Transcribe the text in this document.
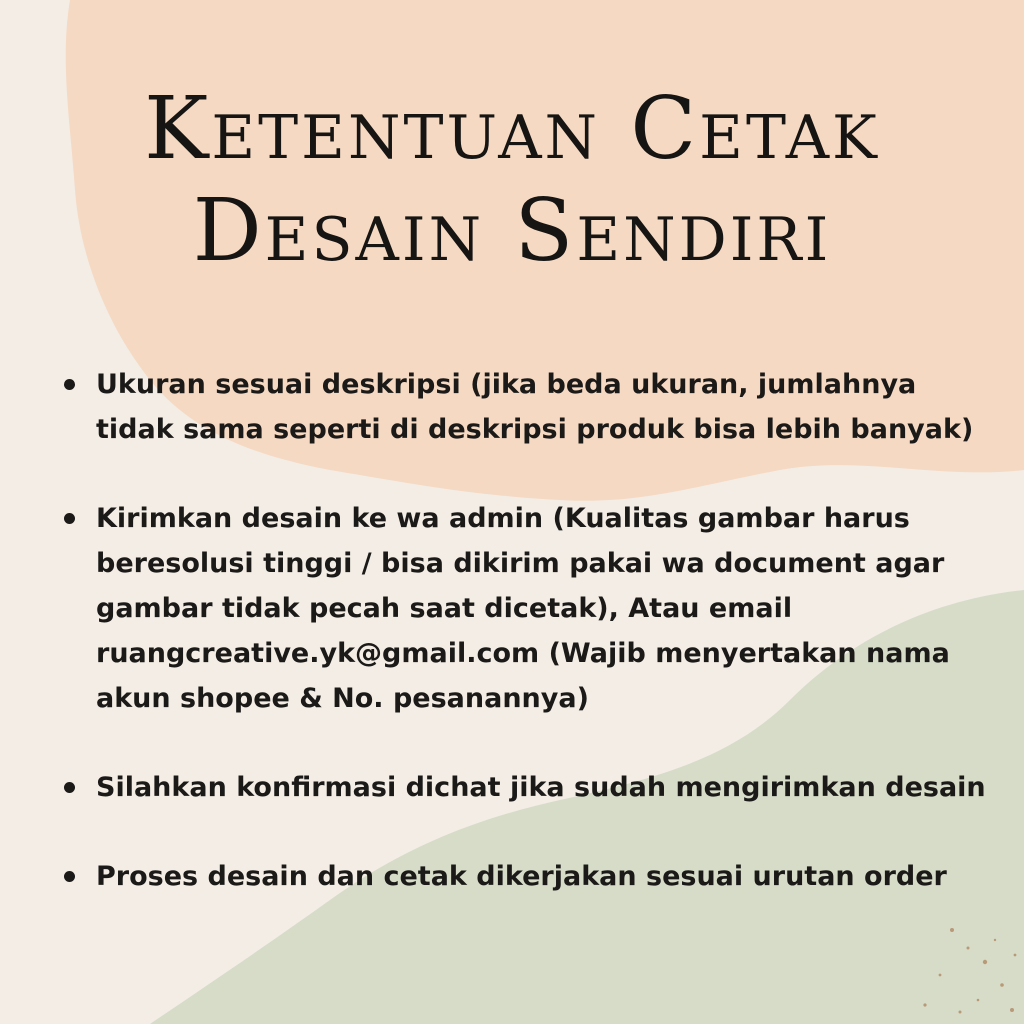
Ketentuan Cetak
Desain Sendiri
Ukuran sesuai deskripsi (jika beda ukuran, jumlahnya
tidak sama seperti di deskripsi produk bisa lebih banyak)
Kirimkan desain ke wa admin (Kualitas gambar harus
beresolusi tinggi / bisa dikirim pakai wa document agar
gambar tidak pecah saat dicetak), Atau email
ruangcreative.yk@gmail.com (Wajib menyertakan nama
akun shopee & No. pesanannya)
Silahkan konfirmasi dichat jika sudah mengirimkan desain
Proses desain dan cetak dikerjakan sesuai urutan order
